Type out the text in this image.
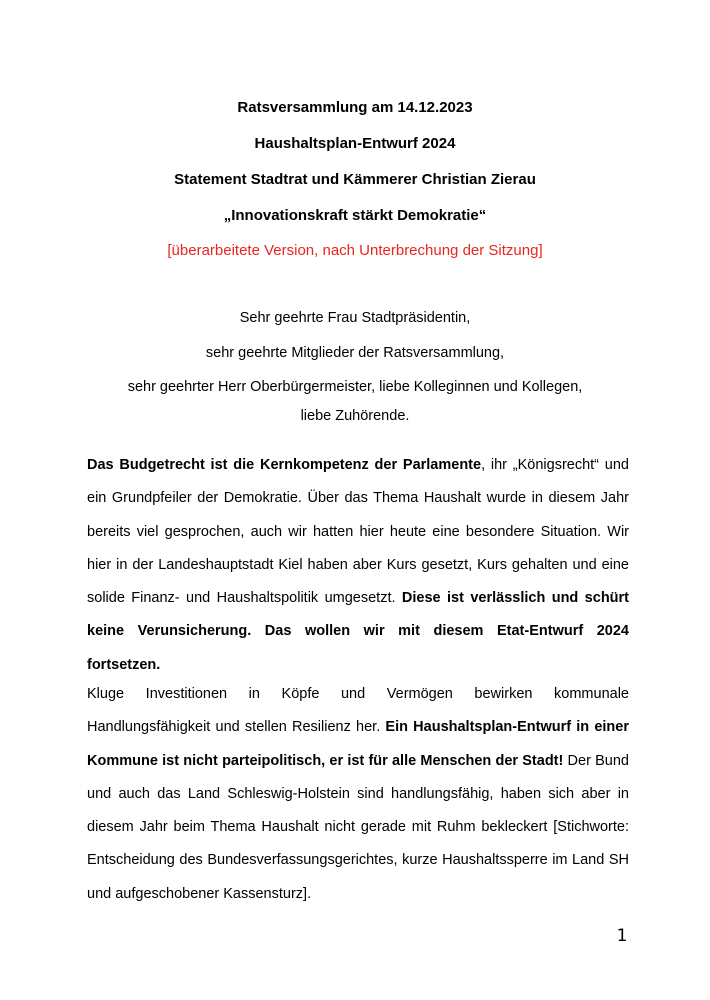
Ratsversammlung am 14.12.2023

Haushaltsplan-Entwurf 2024

Statement Stadtrat und Kämmerer Christian Zierau

„Innovationskraft stärkt Demokratie“

[überarbeitete Version, nach Unterbrechung der Sitzung]

Sehr geehrte Frau Stadtpräsidentin,

sehr geehrte Mitglieder der Ratsversammlung,

sehr geehrter Herr Oberbürgermeister, liebe Kolleginnen und Kollegen,

liebe Zuhörende.

Das Budgetrecht ist die Kernkompetenz der Parlamente, ihr „Königsrecht“ und ein Grundpfeiler der Demokratie. Über das Thema Haushalt wurde in diesem Jahr bereits viel gesprochen, auch wir hatten hier heute eine besondere Situation. Wir hier in der Landeshauptstadt Kiel haben aber Kurs gesetzt, Kurs gehalten und eine solide Finanz- und Haushaltspolitik umgesetzt. Diese ist verlässlich und schürt keine Verunsicherung. Das wollen wir mit diesem Etat-Entwurf 2024 fortsetzen.

Kluge Investitionen in Köpfe und Vermögen bewirken kommunale Handlungsfähigkeit und stellen Resilienz her. Ein Haushaltsplan-Entwurf in einer Kommune ist nicht parteipolitisch, er ist für alle Menschen der Stadt! Der Bund und auch das Land Schleswig-Holstein sind handlungsfähig, haben sich aber in diesem Jahr beim Thema Haushalt nicht gerade mit Ruhm bekleckert [Stichworte: Entscheidung des Bundesverfassungsgerichtes, kurze Haushaltssperre im Land SH und aufgeschobener Kassensturz].

1
